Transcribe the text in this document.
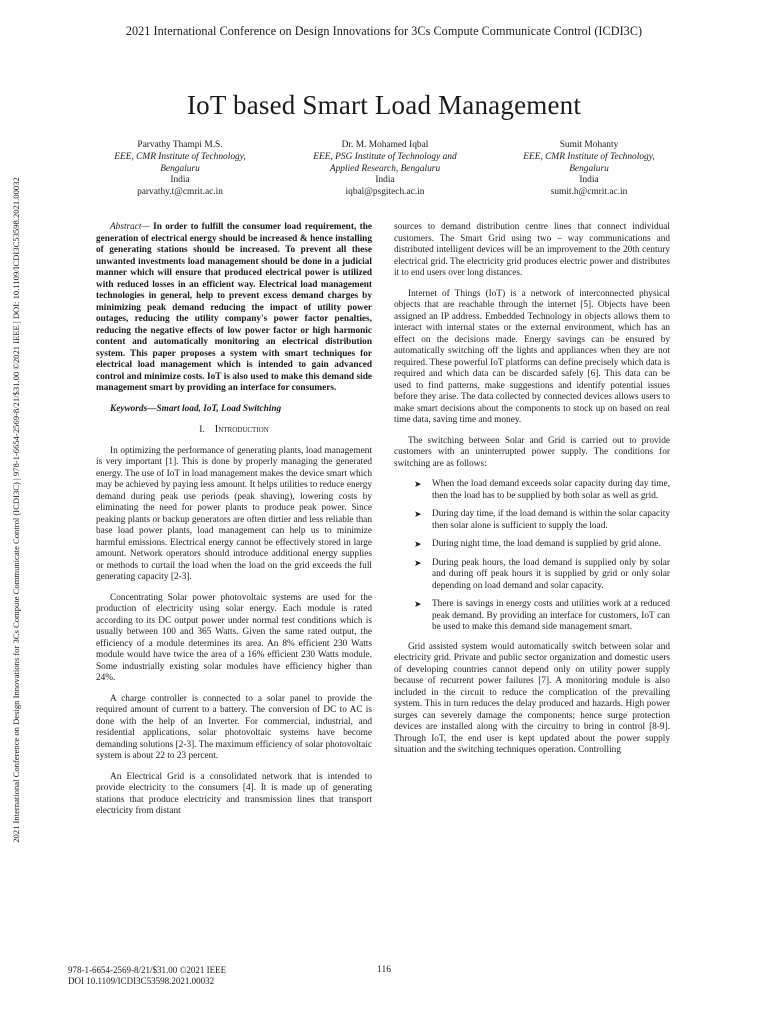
2021 International Conference on Design Innovations for 3Cs Compute Communicate Control (ICDI3C)
2021 International Conference on Design Innovations for 3Cs Compute Communicate Control (ICDI3C) | 978-1-6654-2569-8/21/$31.00 ©2021 IEEE | DOI: 10.1109/ICDI3C53598.2021.00032
IoT based Smart Load Management
Parvathy Thampi M.S.
EEE, CMR Institute of Technology,
Bengaluru
India
parvathy.t@cmrit.ac.in
Dr. M. Mohamed Iqbal
EEE, PSG Institute of Technology and
Applied Research, Bengaluru
India
iqbal@psgitech.ac.in
Sumit Mohanty
EEE, CMR Institute of Technology,
Bengaluru
India
sumit.h@cmrit.ac.in

Abstract— In order to fulfill the consumer load requirement, the generation of electrical energy should be increased & hence installing of generating stations should be increased. To prevent all these unwanted investments load management should be done in a judicial manner which will ensure that produced electrical power is utilized with reduced losses in an efficient way. Electrical load management technologies in general, help to prevent excess demand charges by minimizing peak demand reducing the impact of utility power outages, reducing the utility company's power factor penalties, reducing the negative effects of low power factor or high harmonic content and automatically monitoring an electrical distribution system. This paper proposes a system with smart techniques for electrical load management which is intended to gain advanced control and minimize costs. IoT is also used to make this demand side management smart by providing an interface for consumers.

Keywords—Smart load, IoT, Load Switching

I. Introduction

In optimizing the performance of generating plants, load management is very important [1]. This is done by properly managing the generated energy. The use of IoT in load management makes the device smart which may be achieved by paying less amount. It helps utilities to reduce energy demand during peak use periods (peak shaving), lowering costs by eliminating the need for power plants to produce peak power. Since peaking plants or backup generators are often dirtier and less reliable than base load power plants, load management can help us to minimize harmful emissions. Electrical energy cannot be effectively stored in large amount. Network operators should introduce additional energy supplies or methods to curtail the load when the load on the grid exceeds the full generating capacity [2-3].

Concentrating Solar power photovoltaic systems are used for the production of electricity using solar energy. Each module is rated according to its DC output power under normal test conditions which is usually between 100 and 365 Watts. Given the same rated output, the efficiency of a module determines its area. An 8% efficient 230 Watts module would have twice the area of a 16% efficient 230 Watts module. Some industrially existing solar modules have efficiency higher than 24%.

A charge controller is connected to a solar panel to provide the required amount of current to a battery. The conversion of DC to AC is done with the help of an Inverter. For commercial, industrial, and residential applications, solar photovoltaic systems have become demanding solutions [2-3]. The maximum efficiency of solar photovoltaic system is about 22 to 23 percent.

An Electrical Grid is a consolidated network that is intended to provide electricity to the consumers [4]. It is made up of generating stations that produce electricity and transmission lines that transport electricity from distant

sources to demand distribution centre lines that connect individual customers. The Smart Grid using two – way communications and distributed intelligent devices will be an improvement to the 20th century electrical grid. The electricity grid produces electric power and distributes it to end users over long distances.

Internet of Things (IoT) is a network of interconnected physical objects that are reachable through the internet [5]. Objects have been assigned an IP address. Embedded Technology in objects allows them to interact with internal states or the external environment, which has an effect on the decisions made. Energy savings can be ensured by automatically switching off the lights and appliances when they are not required. These powerful IoT platforms can define precisely which data is required and which data can be discarded safely [6]. This data can be used to find patterns, make suggestions and identify potential issues before they arise. The data collected by connected devices allows users to make smart decisions about the components to stock up on based on real time data, saving time and money.

The switching between Solar and Grid is carried out to provide customers with an uninterrupted power supply. The conditions for switching are as follows:

➤ When the load demand exceeds solar capacity during day time, then the load has to be supplied by both solar as well as grid.
➤ During day time, if the load demand is within the solar capacity then solar alone is sufficient to supply the load.
➤ During night time, the load demand is supplied by grid alone.
➤ During peak hours, the load demand is supplied only by solar and during off peak hours it is supplied by grid or only solar depending on load demand and solar capacity.
➤ There is savings in energy costs and utilities work at a reduced peak demand. By providing an interface for customers, IoT can be used to make this demand side management smart.

Grid assisted system would automatically switch between solar and electricity grid. Private and public sector organization and domestic users of developing countries cannot depend only on utility power supply because of recurrent power failures [7]. A monitoring module is also included in the circuit to reduce the complication of the prevailing system. This in turn reduces the delay produced and hazards. High power surges can severely damage the components; hence surge protection devices are installed along with the circuitry to bring in control [8-9]. Through IoT, the end user is kept updated about the power supply situation and the switching techniques operation. Controlling

978-1-6654-2569-8/21/$31.00 ©2021 IEEE
DOI 10.1109/ICDI3C53598.2021.00032
116
